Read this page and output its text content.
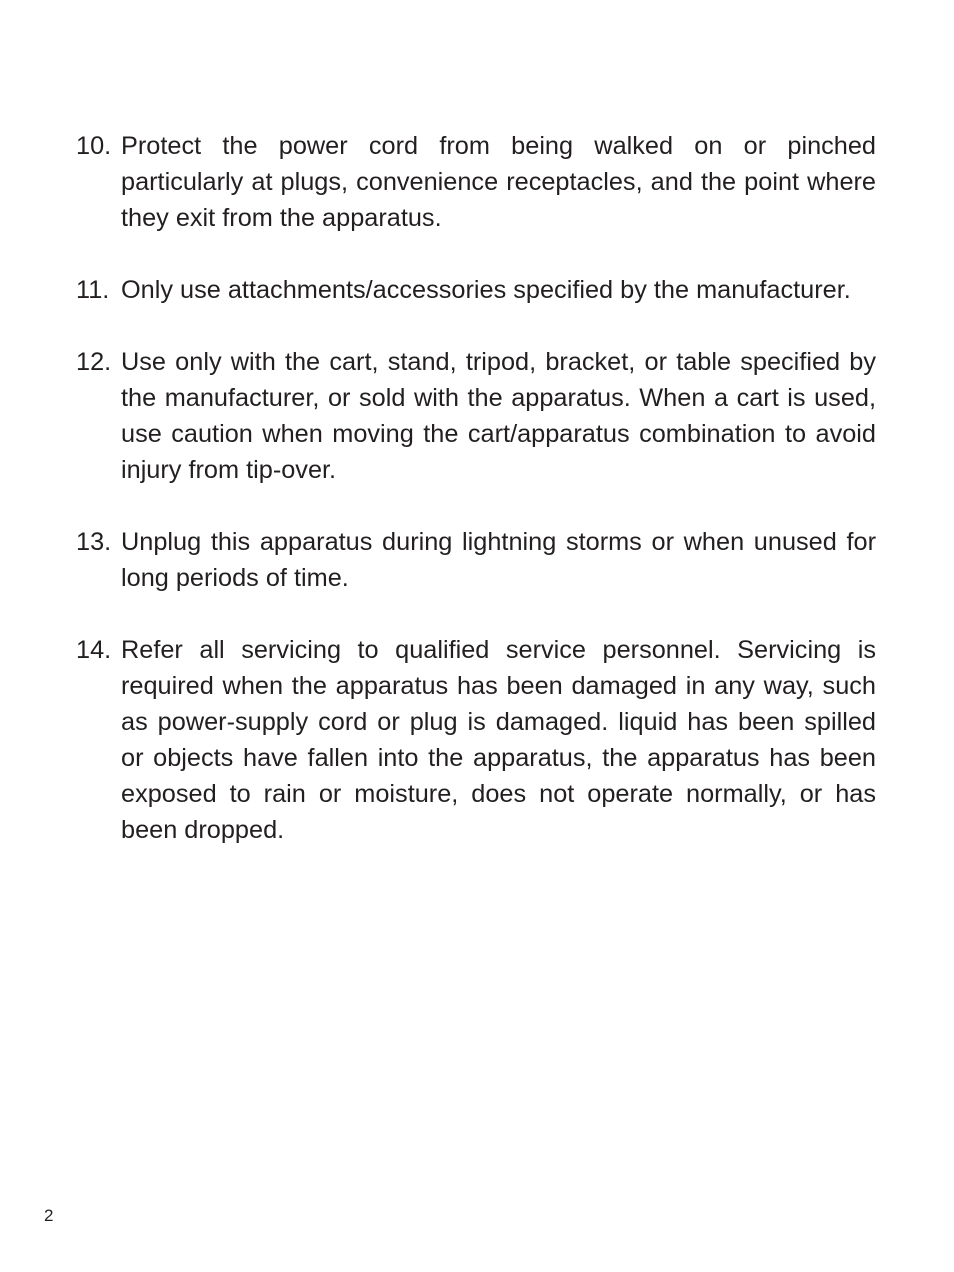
10. Protect the power cord from being walked on or pinched particularly at plugs, convenience receptacles, and the point where they exit from the apparatus.
11. Only use attachments/accessories specified by the manufacturer.
12. Use only with the cart, stand, tripod, bracket, or table specified by the manufacturer, or sold with the apparatus. When a cart is used, use caution when moving the cart/apparatus combination to avoid injury from tip-over.
13. Unplug this apparatus during lightning storms or when unused for long periods of time.
14. Refer all servicing to qualified service personnel. Servicing is required when the apparatus has been damaged in any way, such as power-supply cord or plug is damaged. liquid has been spilled or objects have fallen into the apparatus, the apparatus has been exposed to rain or moisture, does not operate normally, or has been dropped.
2
